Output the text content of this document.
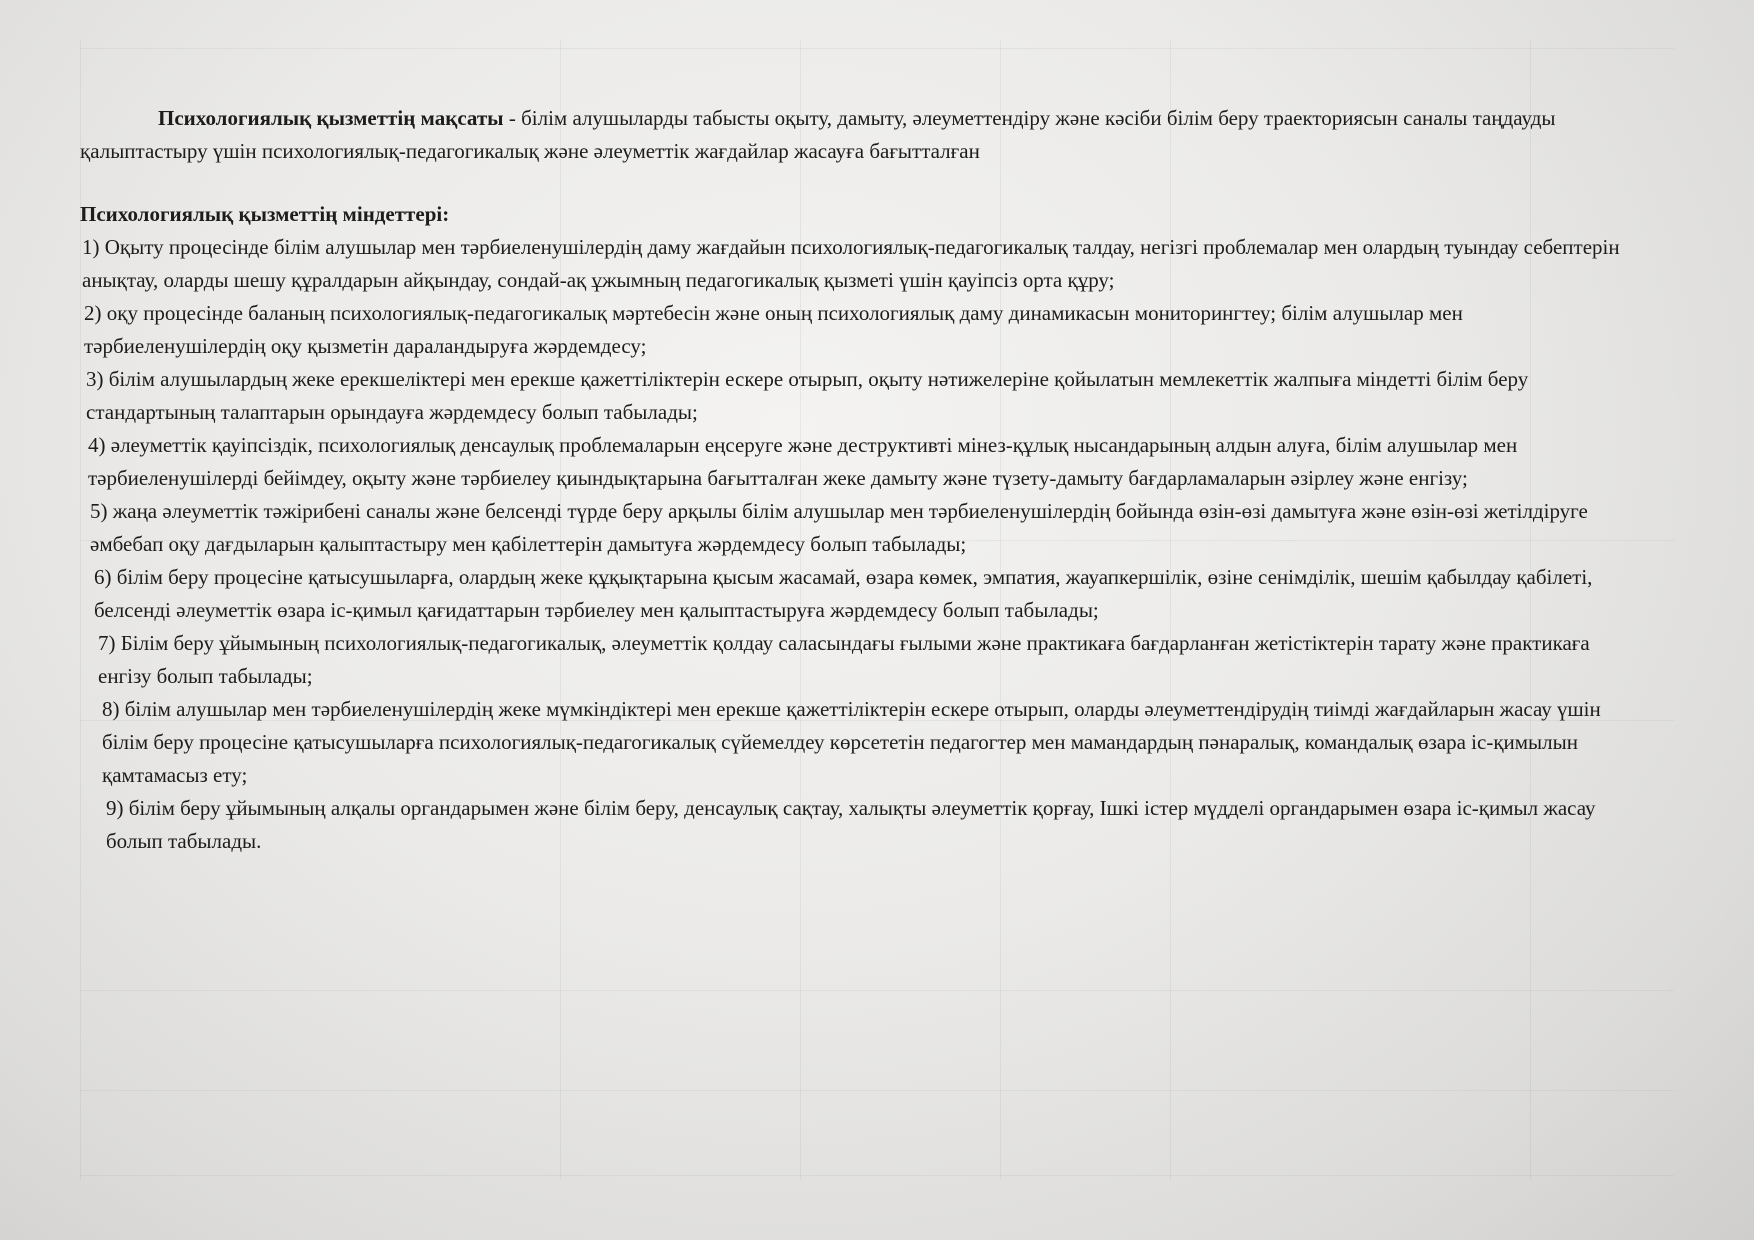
Психологиялық қызметтің мақсаты - білім алушыларды табысты оқыту, дамыту, әлеуметтендіру және кәсіби білім беру траекториясын саналы таңдауды қалыптастыру үшін психологиялық-педагогикалық және әлеуметтік жағдайлар жасауға бағытталған

Психологиялық қызметтің міндеттері:

1) Оқыту процесінде білім алушылар мен тәрбиеленушілердің даму жағдайын психологиялық-педагогикалық талдау, негізгі проблемалар мен олардың туындау себептерін анықтау, оларды шешу құралдарын айқындау, сондай-ақ ұжымның педагогикалық қызметі үшін қауіпсіз орта құру;
2) оқу процесінде баланың психологиялық-педагогикалық мәртебесін және оның психологиялық даму динамикасын мониторингтеу; білім алушылар мен тәрбиеленушілердің оқу қызметін дараландыруға жәрдемдесу;
3) білім алушылардың жеке ерекшеліктері мен ерекше қажеттіліктерін ескере отырып, оқыту нәтижелеріне қойылатын мемлекеттік жалпыға міндетті білім беру стандартының талаптарын орындауға жәрдемдесу болып табылады;
4) әлеуметтік қауіпсіздік, психологиялық денсаулық проблемаларын еңсеруге және деструктивті мінез-құлық нысандарының алдын алуға, білім алушылар мен тәрбиеленушілерді бейімдеу, оқыту және тәрбиелеу қиындықтарына бағытталған жеке дамыту және түзету-дамыту бағдарламаларын әзірлеу және енгізу;
5) жаңа әлеуметтік тәжірибені саналы және белсенді түрде беру арқылы білім алушылар мен тәрбиеленушілердің бойында өзін-өзі дамытуға және өзін-өзі жетілдіруге әмбебап оқу дағдыларын қалыптастыру мен қабілеттерін дамытуға жәрдемдесу болып табылады;
6) білім беру процесіне қатысушыларға, олардың жеке құқықтарына қысым жасамай, өзара көмек, эмпатия, жауапкершілік, өзіне сенімділік, шешім қабылдау қабілеті, белсенді әлеуметтік өзара іс-қимыл қағидаттарын тәрбиелеу мен қалыптастыруға жәрдемдесу болып табылады;
7) Білім беру ұйымының психологиялық-педагогикалық, әлеуметтік қолдау саласындағы ғылыми және практикаға бағдарланған жетістіктерін тарату және практикаға енгізу болып табылады;
8) білім алушылар мен тәрбиеленушілердің жеке мүмкіндіктері мен ерекше қажеттіліктерін ескере отырып, оларды әлеуметтендірудің тиімді жағдайларын жасау үшін білім беру процесіне қатысушыларға психологиялық-педагогикалық сүйемелдеу көрсететін педагогтер мен мамандардың пәнаралық, командалық өзара іс-қимылын қамтамасыз ету;
9) білім беру ұйымының алқалы органдарымен және білім беру, денсаулық сақтау, халықты әлеуметтік қорғау, Ішкі істер мүдделі органдарымен өзара іс-қимыл жасау болып табылады.
